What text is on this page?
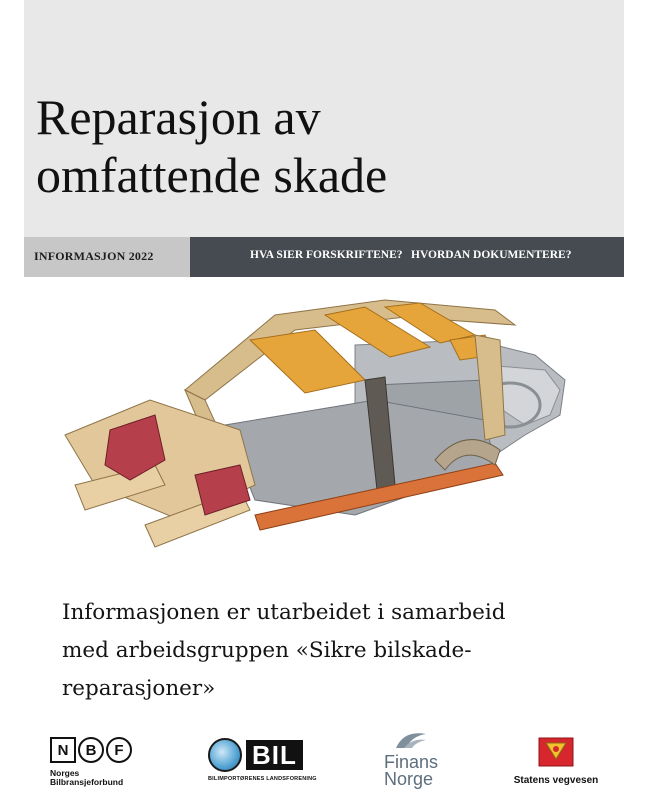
Reparasjon av
omfattende skade
INFORMASJON 2022	HVA SIER FORSKRIFTENE? HVORDAN DOKUMENTERE?

Informasjonen er utarbeidet i samarbeid
med arbeidsgruppen «Sikre bilskade-
reparasjoner»

N	B	F
Norges
Bilbransjeforbund
BIL
BILIMPORTØRENES LANDSFORENING
Finans
Norge	Statens vegvesen
